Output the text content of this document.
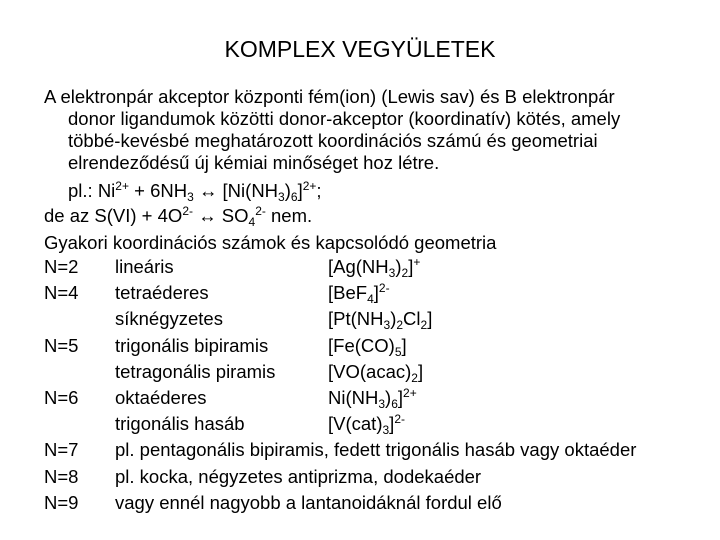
KOMPLEX VEGYÜLETEK
A elektronpár akceptor központi fém(ion) (Lewis sav) és B elektronpár
donor ligandumok közötti donor-akceptor (koordinatív) kötés, amely
többé-kevésbé meghatározott koordinációs számú és geometriai
elrendeződésű új kémiai minőséget hoz létre.
pl.: $Ni^{2+} + 6NH_3$ ↔ $[Ni(NH_3)_6]^{2+}$;
de az $S(VI) + 4O^{2-}$ ↔ $SO_4^{2-}$ nem.
Gyakori koordinációs számok és kapcsolódó geometria
N=2 lineáris	$[Ag(NH_3)_2]^+$
N=4 tetraéderes	$[BeF_4]^{2-}$
síknégyzetes	$[Pt(NH_3)_2Cl_2]$
N=5 trigonális bipiramis	$[Fe(CO)_5]$
tetragonális piramis	$[VO(acac)_2]$
N=6 oktaéderes	$Ni(NH_3)_6]^{2+}$
trigonális hasáb	$[V(cat)_3]^{2-}$
N=7 pl. pentagonális bipiramis, fedett trigonális hasáb vagy oktaéder
N=8 pl. kocka, négyzetes antiprizma, dodekaéder
N=9 vagy ennél nagyobb a lantanoidáknál fordul elő
